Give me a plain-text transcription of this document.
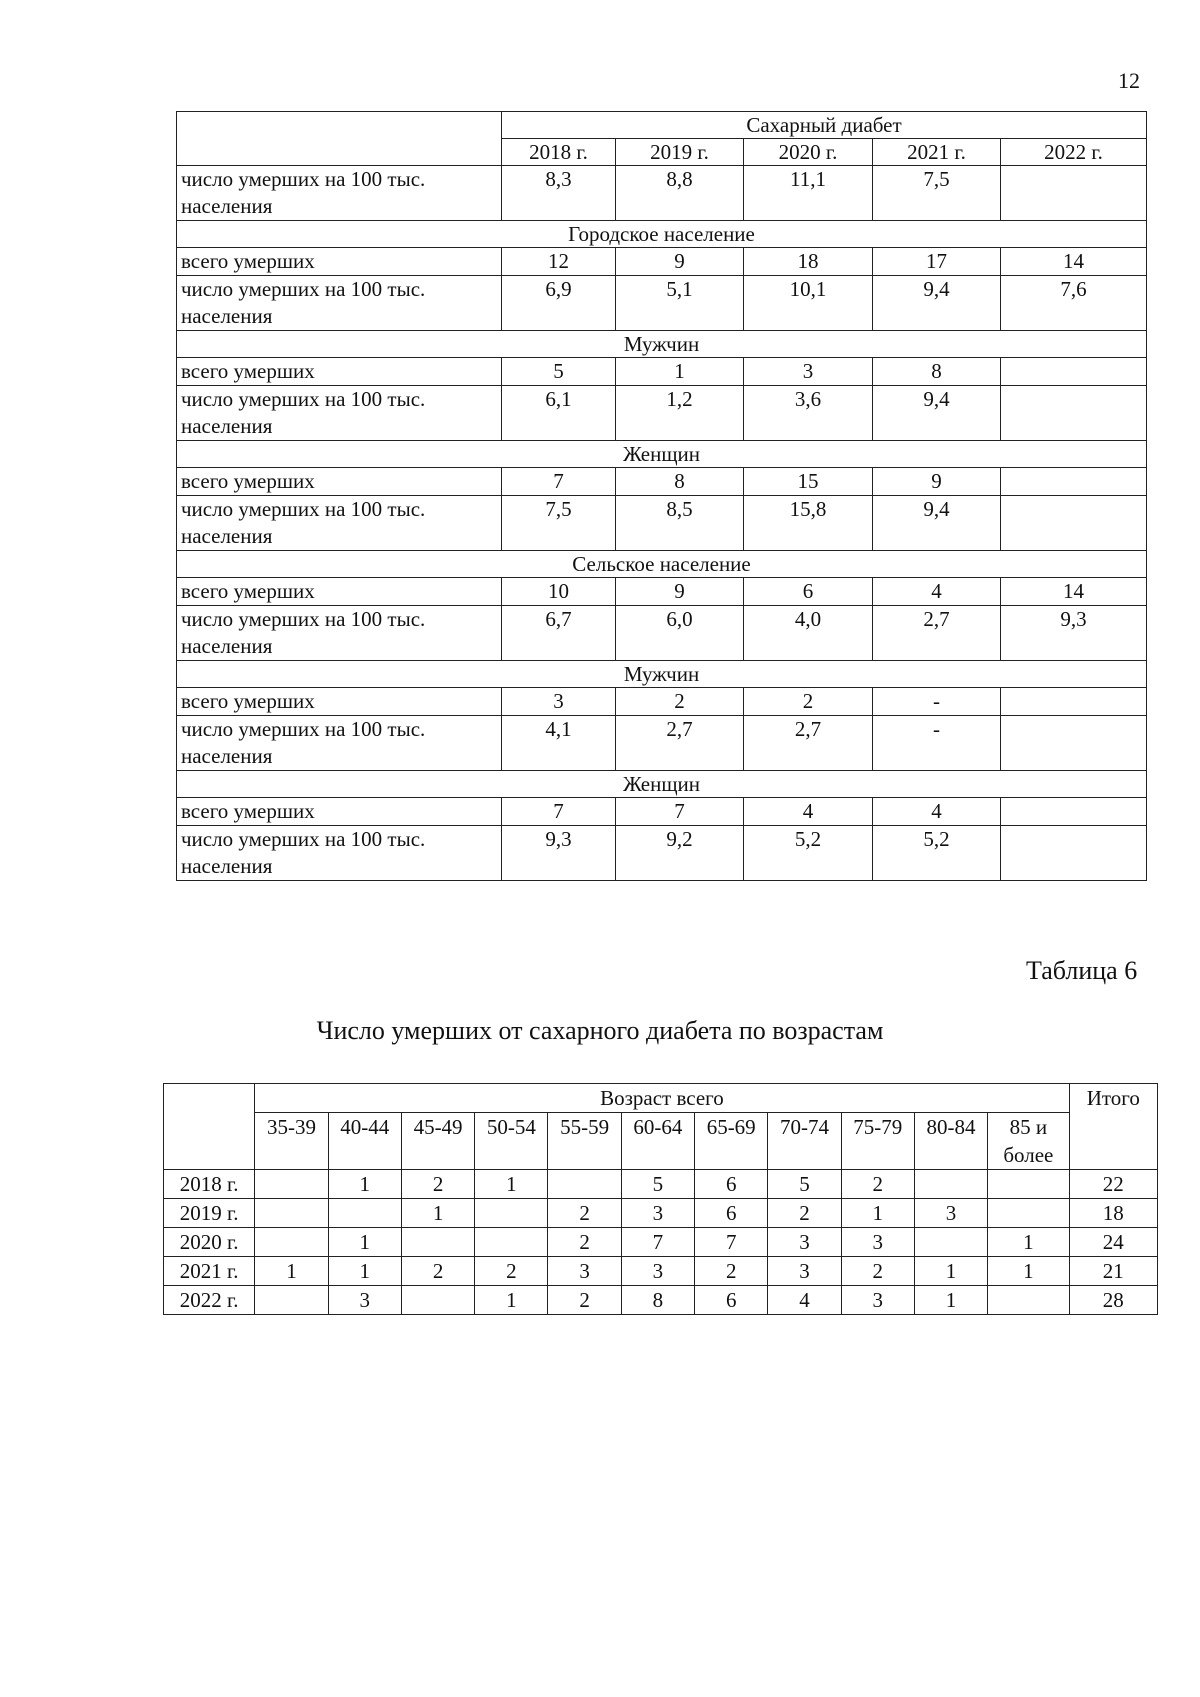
12
	Сахарный диабет				
	2018 г.	2019 г.	2020 г.	2021 г.	2022 г.
число умерших на 100 тыс. населения	8,3	8,8	11,1	7,5	
Городское население					
всего умерших	12	9	18	17	14
число умерших на 100 тыс. населения	6,9	5,1	10,1	9,4	7,6
Мужчин					
всего умерших	5	1	3	8	
число умерших на 100 тыс. населения	6,1	1,2	3,6	9,4	
Женщин					
всего умерших	7	8	15	9	
число умерших на 100 тыс. населения	7,5	8,5	15,8	9,4	
Сельское население					
всего умерших	10	9	6	4	14
число умерших на 100 тыс. населения	6,7	6,0	4,0	2,7	9,3
Мужчин					
всего умерших	3	2	2	-	
число умерших на 100 тыс. населения	4,1	2,7	2,7	-	
Женщин					
всего умерших	7	7	4	4	
число умерших на 100 тыс. населения	9,3	9,2	5,2	5,2	
Таблица 6
Число умерших от сахарного диабета по возрастам
	Возраст всего											Итого
	35-39	40-44	45-49	50-54	55-59	60-64	65-69	70-74	75-79	80-84	85 и более	
2018 г.		1	2	1		5	6	5	2			22
2019 г.			1		2	3	6	2	1	3		18
2020 г.		1			2	7	7	3	3		1	24
2021 г.	1	1	2	2	3	3	2	3	2	1	1	21
2022 г.		3		1	2	8	6	4	3	1		28
